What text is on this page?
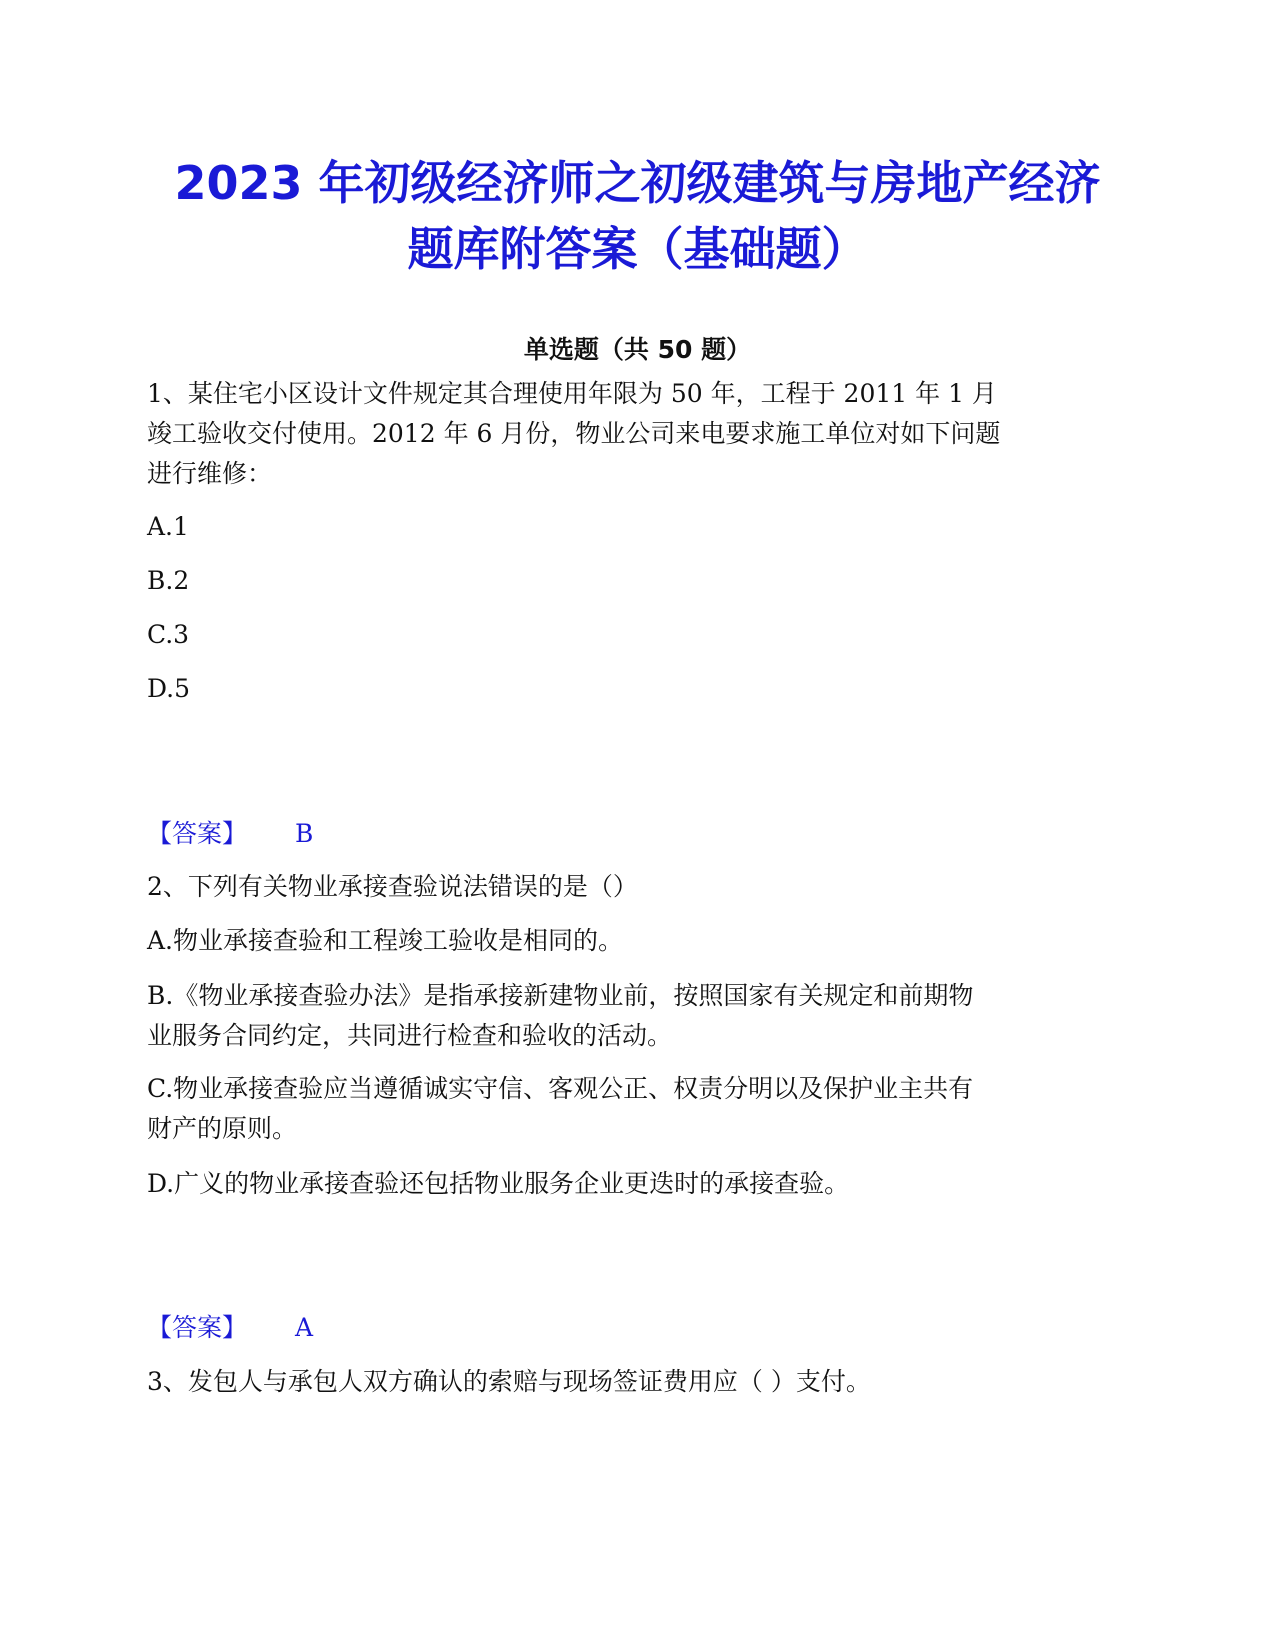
2023 年初级经济师之初级建筑与房地产经济
题库附答案（基础题）
单选题（共 50 题）
1、某住宅小区设计文件规定其合理使用年限为 50 年，工程于 2011 年 1 月
竣工验收交付使用。2012 年 6 月份，物业公司来电要求施工单位对如下问题
进行维修：
A.1
B.2
C.3
D.5
【答案】 B
2、下列有关物业承接查验说法错误的是（）
A.物业承接查验和工程竣工验收是相同的。
B.《物业承接查验办法》是指承接新建物业前，按照国家有关规定和前期物
业服务合同约定，共同进行检查和验收的活动。
C.物业承接查验应当遵循诚实守信、客观公正、权责分明以及保护业主共有
财产的原则。
D.广义的物业承接查验还包括物业服务企业更迭时的承接查验。
【答案】 A
3、发包人与承包人双方确认的索赔与现场签证费用应（ ）支付。
